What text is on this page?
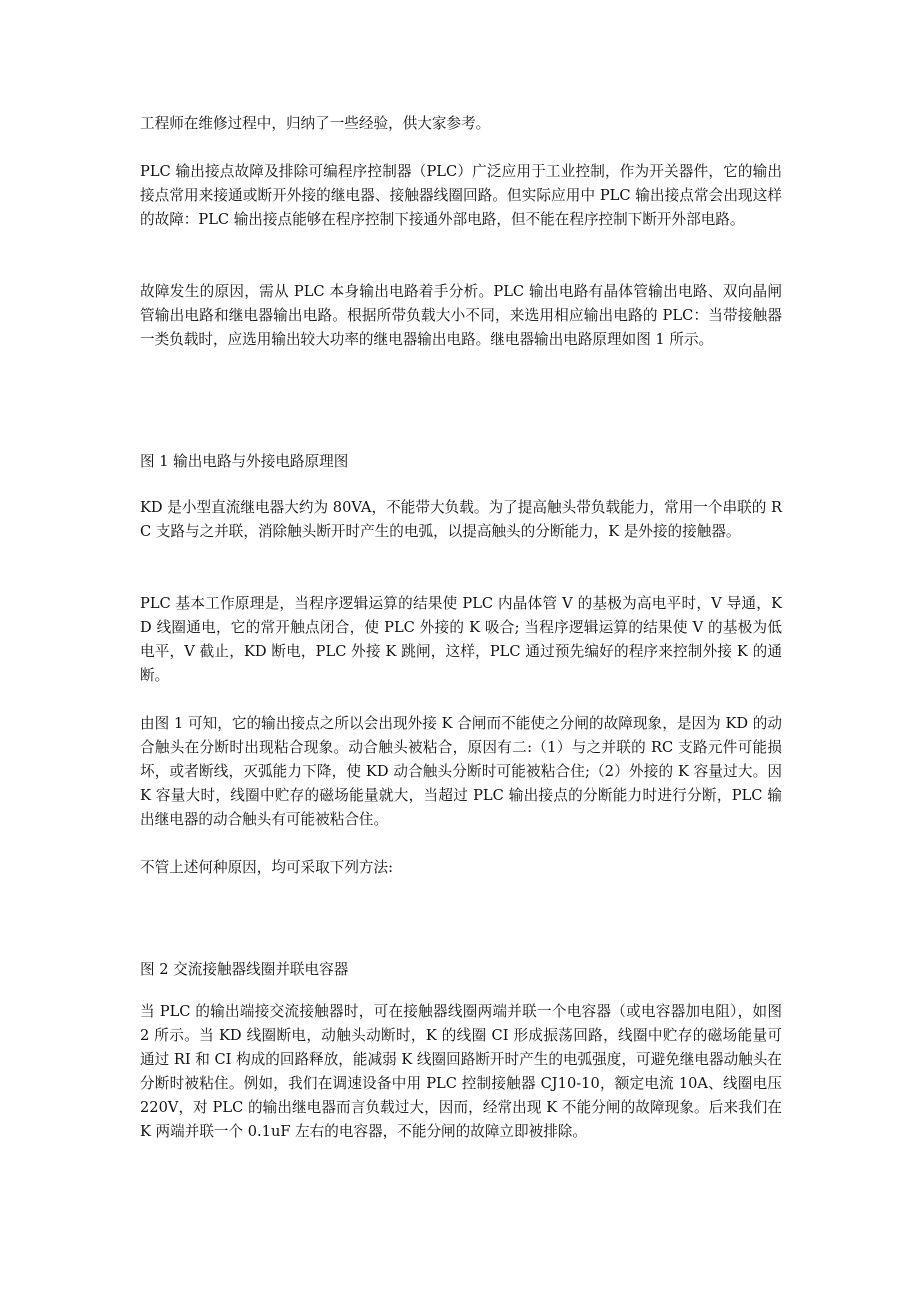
工程师在维修过程中，归纳了一些经验，供大家参考。

PLC 输出接点故障及排除可编程序控制器（PLC）广泛应用于工业控制，作为开关器件，它的输出接点常用来接通或断开外接的继电器、接触器线圈回路。但实际应用中 PLC 输出接点常会出现这样的故障：PLC 输出接点能够在程序控制下接通外部电路，但不能在程序控制下断开外部电路。

故障发生的原因，需从 PLC 本身输出电路着手分析。PLC 输出电路有晶体管输出电路、双向晶闸管输出电路和继电器输出电路。根据所带负载大小不同，来选用相应输出电路的 PLC：当带接触器一类负载时，应选用输出较大功率的继电器输出电路。继电器输出电路原理如图 1 所示。

图 1 输出电路与外接电路原理图

KD 是小型直流继电器大约为 80VA，不能带大负载。为了提高触头带负载能力，常用一个串联的 RC 支路与之并联，消除触头断开时产生的电弧，以提高触头的分断能力，K 是外接的接触器。

PLC 基本工作原理是，当程序逻辑运算的结果使 PLC 内晶体管 V 的基极为高电平时，V 导通，KD 线圈通电，它的常开触点闭合，使 PLC 外接的 K 吸合; 当程序逻辑运算的结果使 V 的基极为低电平，V 截止，KD 断电，PLC 外接 K 跳闸，这样，PLC 通过预先编好的程序来控制外接 K 的通断。

由图 1 可知，它的输出接点之所以会出现外接 K 合闸而不能使之分闸的故障现象，是因为 KD 的动合触头在分断时出现粘合现象。动合触头被粘合，原因有二:（1）与之并联的 RC 支路元件可能损坏，或者断线，灭弧能力下降，使 KD 动合触头分断时可能被粘合住;（2）外接的 K 容量过大。因 K 容量大时，线圈中贮存的磁场能量就大，当超过 PLC 输出接点的分断能力时进行分断，PLC 输出继电器的动合触头有可能被粘合住。

不管上述何种原因，均可采取下列方法:

图 2 交流接触器线圈并联电容器

当 PLC 的输出端接交流接触器时，可在接触器线圈两端并联一个电容器（或电容器加电阻），如图 2 所示。当 KD 线圈断电，动触头动断时，K 的线圈 CI 形成振荡回路，线圈中贮存的磁场能量可通过 RI 和 CI 构成的回路释放，能减弱 K 线圈回路断开时产生的电弧强度，可避免继电器动触头在分断时被粘住。例如，我们在调速设备中用 PLC 控制接触器 CJ10-10，额定电流 10A、线圈电压 220V，对 PLC 的输出继电器而言负载过大，因而，经常出现 K 不能分闸的故障现象。后来我们在 K 两端并联一个 0.1uF 左右的电容器，不能分闸的故障立即被排除。
